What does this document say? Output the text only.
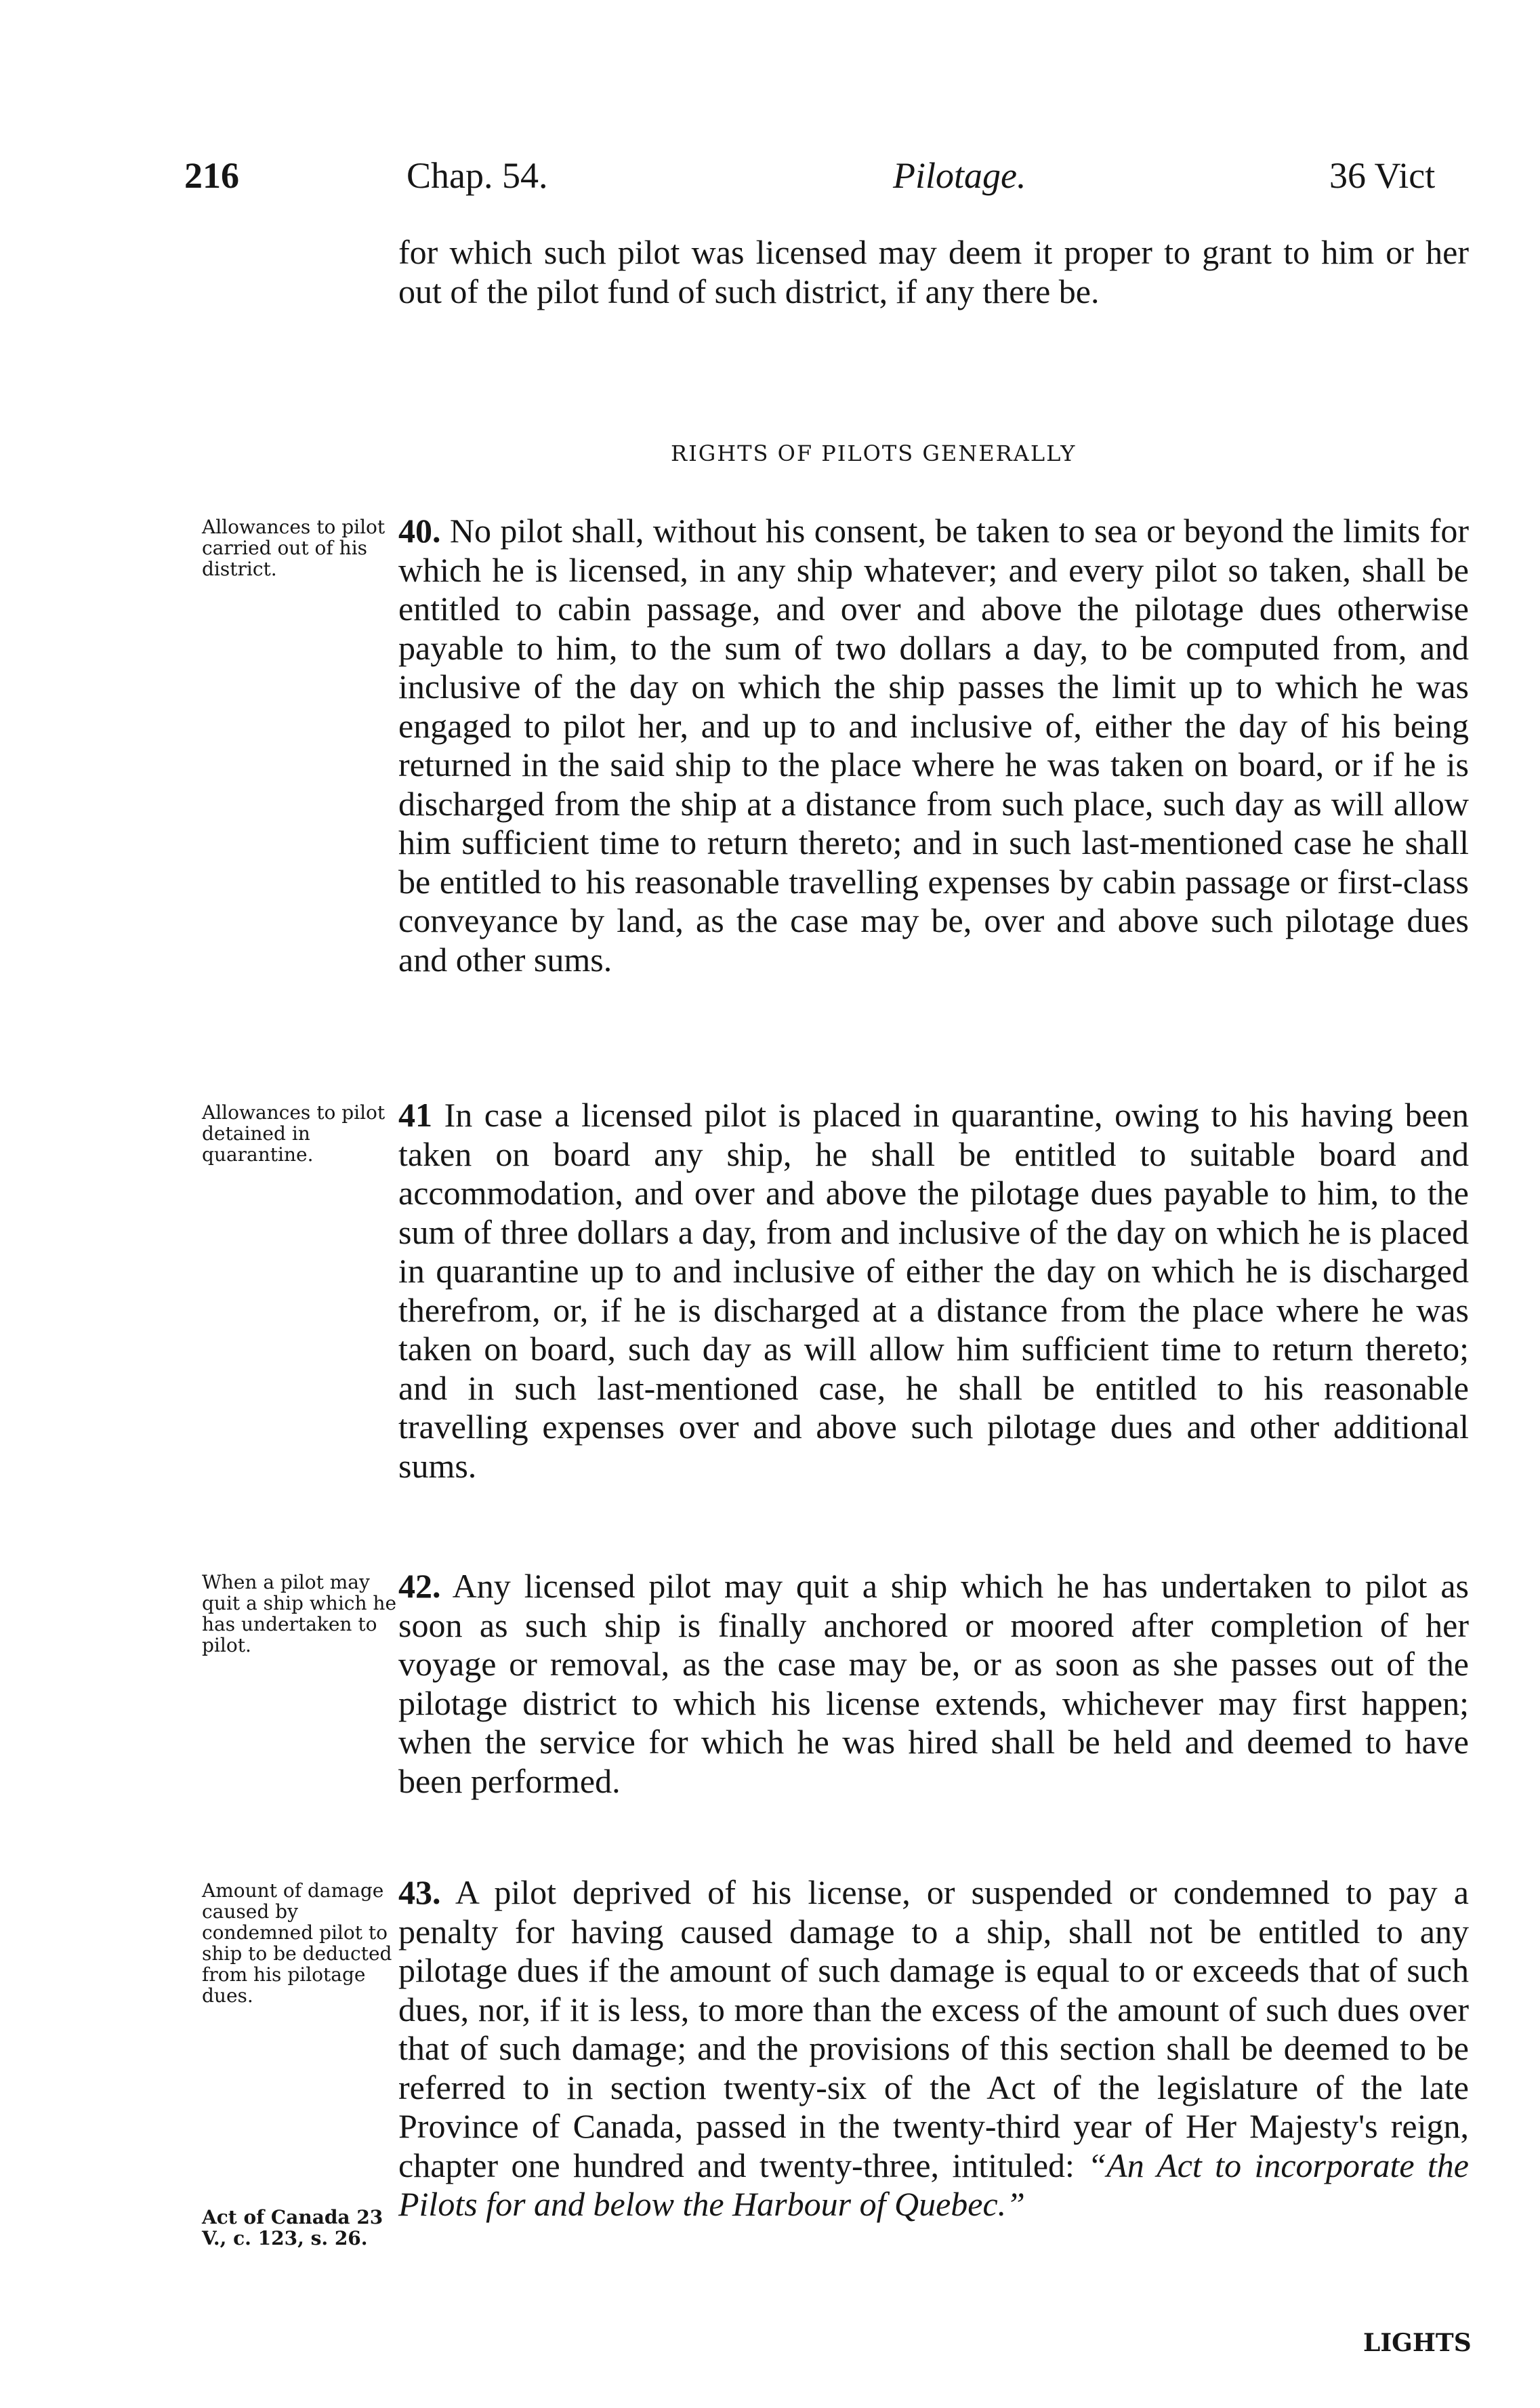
216	Chap. 54.	Pilotage.	36 Vict

for which such pilot was licensed may deem it proper to grant to him or her out of the pilot fund of such district, if any there be.

RIGHTS OF PILOTS GENERALLY

Allowances to pilot carried out of his district.

40. No pilot shall, without his consent, be taken to sea or beyond the limits for which he is licensed, in any ship whatever; and every pilot so taken, shall be entitled to cabin passage, and over and above the pilotage dues otherwise payable to him, to the sum of two dollars a day, to be computed from, and inclusive of the day on which the ship passes the limit up to which he was engaged to pilot her, and up to and inclusive of, either the day of his being returned in the said ship to the place where he was taken on board, or if he is discharged from the ship at a distance from such place, such day as will allow him sufficient time to return thereto; and in such last-mentioned case he shall be entitled to his reasonable travelling expenses by cabin passage or first-class conveyance by land, as the case may be, over and above such pilotage dues and other sums.

Allowances to pilot detained in quarantine.

41 In case a licensed pilot is placed in quarantine, owing to his having been taken on board any ship, he shall be entitled to suitable board and accommodation, and over and above the pilotage dues payable to him, to the sum of three dollars a day, from and inclusive of the day on which he is placed in quarantine up to and inclusive of either the day on which he is discharged therefrom, or, if he is discharged at a distance from the place where he was taken on board, such day as will allow him sufficient time to return thereto; and in such last-mentioned case, he shall be entitled to his reasonable travelling expenses over and above such pilotage dues and other additional sums.

When a pilot may quit a ship which he has undertaken to pilot.

42. Any licensed pilot may quit a ship which he has undertaken to pilot as soon as such ship is finally anchored or moored after completion of her voyage or removal, as the case may be, or as soon as she passes out of the pilotage district to which his license extends, whichever may first happen; when the service for which he was hired shall be held and deemed to have been performed.

Amount of damage caused by condemned pilot to ship to be deducted from his pilotage dues.

Act of Canada 23 V., c. 123, s. 26.

43. A pilot deprived of his license, or suspended or condemned to pay a penalty for having caused damage to a ship, shall not be entitled to any pilotage dues if the amount of such damage is equal to or exceeds that of such dues, nor, if it is less, to more than the excess of the amount of such dues over that of such damage; and the provisions of this section shall be deemed to be referred to in section twenty-six of the Act of the legislature of the late Province of Canada, passed in the twenty-third year of Her Majesty's reign, chapter one hundred and twenty-three, intituled: “An Act to incorporate the Pilots for and below the Harbour of Quebec.”

LIGHTS
